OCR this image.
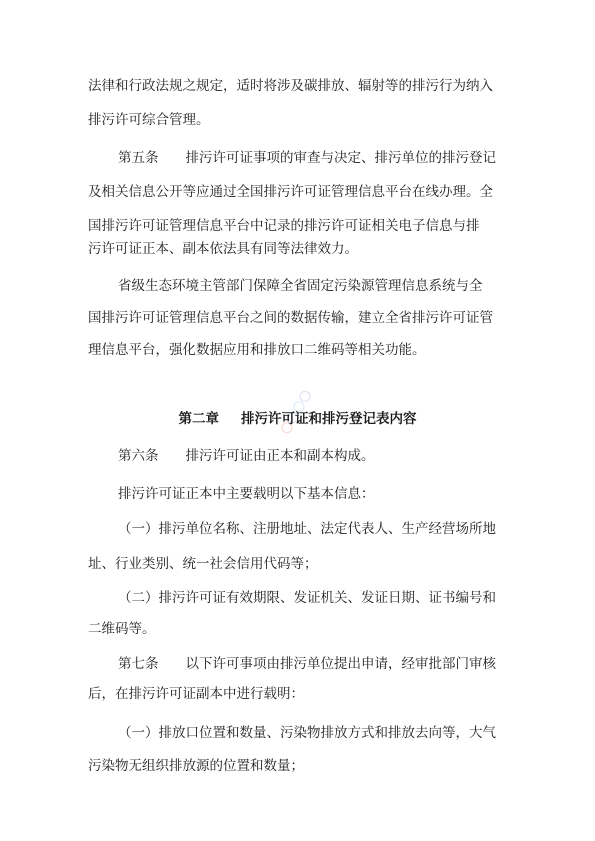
法律和行政法规之规定，适时将涉及碳排放、辐射等的排污行为纳入
排污许可综合管理。
第五条　　排污许可证事项的审查与决定、排污单位的排污登记
及相关信息公开等应通过全国排污许可证管理信息平台在线办理。全
国排污许可证管理信息平台中记录的排污许可证相关电子信息与排
污许可证正本、副本依法具有同等法律效力。
省级生态环境主管部门保障全省固定污染源管理信息系统与全
国排污许可证管理信息平台之间的数据传输，建立全省排污许可证管
理信息平台，强化数据应用和排放口二维码等相关功能。
第二章 排污许可证和排污登记表内容
第六条　　排污许可证由正本和副本构成。
排污许可证正本中主要载明以下基本信息：
（一）排污单位名称、注册地址、法定代表人、生产经营场所地
址、行业类别、统一社会信用代码等；
（二）排污许可证有效期限、发证机关、发证日期、证书编号和
二维码等。
第七条　　以下许可事项由排污单位提出申请，经审批部门审核
后，在排污许可证副本中进行载明：
（一）排放口位置和数量、污染物排放方式和排放去向等，大气
污染物无组织排放源的位置和数量；
